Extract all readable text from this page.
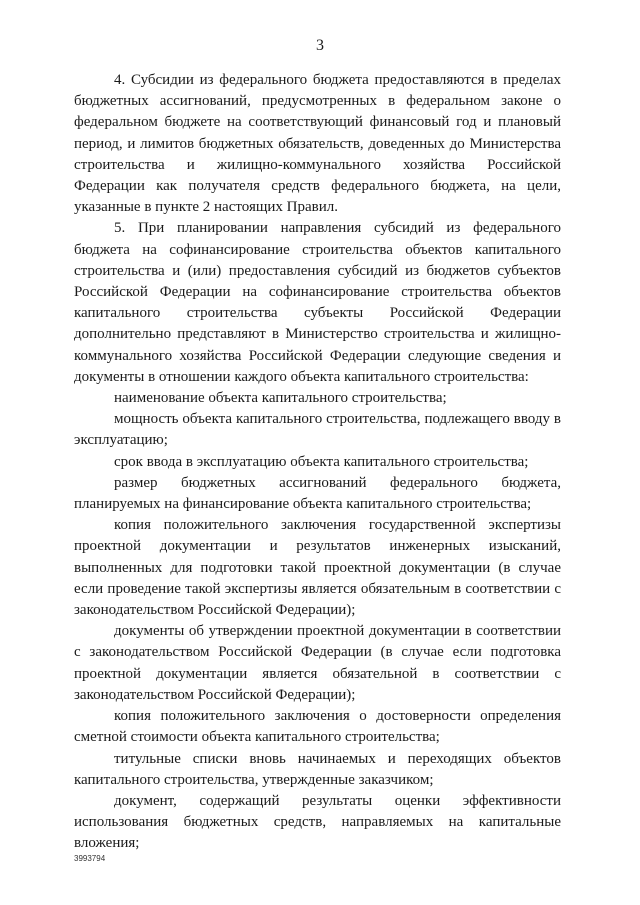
3

4. Субсидии из федерального бюджета предоставляются в пределах бюджетных ассигнований, предусмотренных в федеральном законе о федеральном бюджете на соответствующий финансовый год и плановый период, и лимитов бюджетных обязательств, доведенных до Министерства строительства и жилищно-коммунального хозяйства Российской Федерации как получателя средств федерального бюджета, на цели, указанные в пункте 2 настоящих Правил.

5. При планировании направления субсидий из федерального бюджета на софинансирование строительства объектов капитального строительства и (или) предоставления субсидий из бюджетов субъектов Российской Федерации на софинансирование строительства объектов капитального строительства субъекты Российской Федерации дополнительно представляют в Министерство строительства и жилищно-коммунального хозяйства Российской Федерации следующие сведения и документы в отношении каждого объекта капитального строительства:

наименование объекта капитального строительства;

мощность объекта капитального строительства, подлежащего вводу в эксплуатацию;

срок ввода в эксплуатацию объекта капитального строительства;

размер бюджетных ассигнований федерального бюджета, планируемых на финансирование объекта капитального строительства;

копия положительного заключения государственной экспертизы проектной документации и результатов инженерных изысканий, выполненных для подготовки такой проектной документации (в случае если проведение такой экспертизы является обязательным в соответствии с законодательством Российской Федерации);

документы об утверждении проектной документации в соответствии с законодательством Российской Федерации (в случае если подготовка проектной документации является обязательной в соответствии с законодательством Российской Федерации);

копия положительного заключения о достоверности определения сметной стоимости объекта капитального строительства;

титульные списки вновь начинаемых и переходящих объектов капитального строительства, утвержденные заказчиком;

документ, содержащий результаты оценки эффективности использования бюджетных средств, направляемых на капитальные вложения;

3993794
